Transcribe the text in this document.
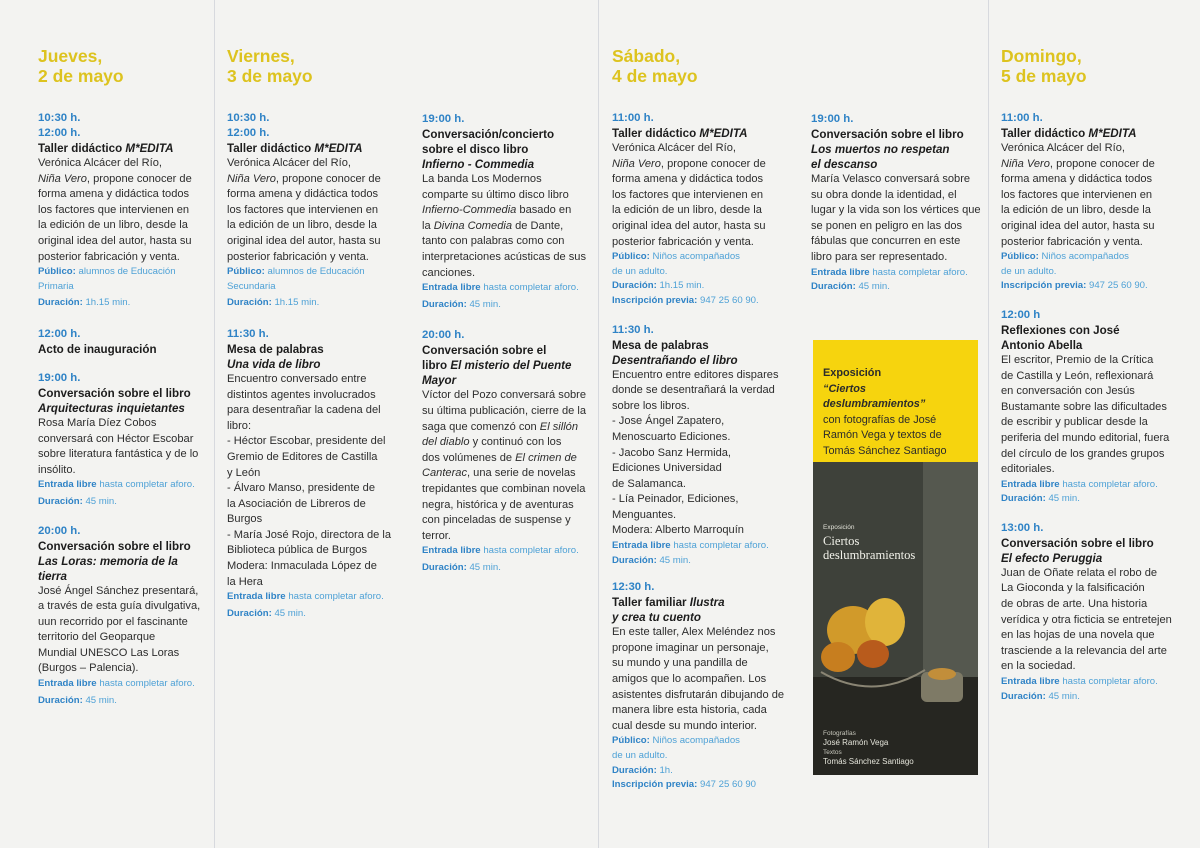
Jueves,
2 de mayo
10:30 h.
12:00 h.
Taller didáctico M*EDITA
Verónica Alcácer del Río,
Niña Vero, propone conocer de
forma amena y didáctica todos
los factores que intervienen en
la edición de un libro, desde la
original idea del autor, hasta su
posterior fabricación y venta.
Público: alumnos de Educación
Primaria
Duración: 1h.15 min.
12:00 h.
Acto de inauguración
19:00 h.
Conversación sobre el libro
Arquitecturas inquietantes
Rosa María Díez Cobos
conversará con Héctor Escobar
sobre literatura fantástica y de lo
insólito.
Entrada libre hasta completar aforo.
Duración: 45 min.
20:00 h.
Conversación sobre el libro
Las Loras: memoria de la
tierra
José Ángel Sánchez presentará,
a través de esta guía divulgativa,
uun recorrido por el fascinante
territorio del Geoparque
Mundial UNESCO Las Loras
(Burgos – Palencia).
Entrada libre hasta completar aforo.
Duración: 45 min.
Viernes,
3 de mayo
10:30 h.
12:00 h.
Taller didáctico M*EDITA
Verónica Alcácer del Río,
Niña Vero, propone conocer de
forma amena y didáctica todos
los factores que intervienen en
la edición de un libro, desde la
original idea del autor, hasta su
posterior fabricación y venta.
Público: alumnos de Educación
Secundaria
Duración: 1h.15 min.
11:30 h.
Mesa de palabras
Una vida de libro
Encuentro conversado entre
distintos agentes involucrados
para desentrañar la cadena del
libro:
- Héctor Escobar, presidente del
Gremio de Editores de Castilla
y León
- Álvaro Manso, presidente de
la Asociación de Libreros de
Burgos
- María José Rojo, directora de la
Biblioteca pública de Burgos
Modera: Inmaculada López de
la Hera
Entrada libre hasta completar aforo.
Duración: 45 min.
19:00 h.
Conversación/concierto
sobre el disco libro
Infierno - Commedia
La banda Los Modernos
comparte su último disco libro
Infierno-Commedia basado en
la Divina Comedia de Dante,
tanto con palabras como con
interpretaciones acústicas de sus
canciones.
Entrada libre hasta completar aforo.
Duración: 45 min.
20:00 h.
Conversación sobre el
libro El misterio del Puente
Mayor
Víctor del Pozo conversará sobre
su última publicación, cierre de la
saga que comenzó con El sillón
del diablo y continuó con los
dos volúmenes de El crimen de
Canterac, una serie de novelas
trepidantes que combinan novela
negra, histórica y de aventuras
con pinceladas de suspense y
terror.
Entrada libre hasta completar aforo.
Duración: 45 min.
Sábado,
4 de mayo
11:00 h.
Taller didáctico M*EDITA
Verónica Alcácer del Río,
Niña Vero, propone conocer de
forma amena y didáctica todos
los factores que intervienen en
la edición de un libro, desde la
original idea del autor, hasta su
posterior fabricación y venta.
Público: Niños acompañados
de un adulto.
Duración: 1h.15 min.
Inscripción previa: 947 25 60 90.
11:30 h.
Mesa de palabras
Desentrañando el libro
Encuentro entre editores dispares
donde se desentrañará la verdad
sobre los libros.
- Jose Ángel Zapatero,
Menoscuarto Ediciones.
- Jacobo Sanz Hermida,
Ediciones Universidad
de Salamanca.
- Lía Peinador, Ediciones,
Menguantes.
Modera: Alberto Marroquín
Entrada libre hasta completar aforo.
Duración: 45 min.
12:30 h.
Taller familiar Ilustra
y crea tu cuento
En este taller, Alex Meléndez nos
propone imaginar un personaje,
su mundo y una pandilla de
amigos que lo acompañen. Los
asistentes disfrutarán dibujando de
manera libre esta historia, cada
cual desde su mundo interior.
Público: Niños acompañados
de un adulto.
Duración: 1h.
Inscripción previa: 947 25 60 90
19:00 h.
Conversación sobre el libro
Los muertos no respetan
el descanso
María Velasco conversará sobre
su obra donde la identidad, el
lugar y la vida son los vértices que
se ponen en peligro en las dos
fábulas que concurren en este
libro para ser representado.
Entrada libre hasta completar aforo.
Duración: 45 min.
Exposición
“Ciertos
deslumbramientos”
con fotografías de José
Ramón Vega y textos de
Tomás Sánchez Santiago
Exposición
Ciertos
deslumbramientos
Fotografías
José Ramón Vega
Textos
Tomás Sánchez Santiago
Domingo,
5 de mayo
11:00 h.
Taller didáctico M*EDITA
Verónica Alcácer del Río,
Niña Vero, propone conocer de
forma amena y didáctica todos
los factores que intervienen en
la edición de un libro, desde la
original idea del autor, hasta su
posterior fabricación y venta.
Público: Niños acompañados
de un adulto.
Inscripción previa: 947 25 60 90.
12:00 h
Reflexiones con José
Antonio Abella
El escritor, Premio de la Crítica
de Castilla y León, reflexionará
en conversación con Jesús
Bustamante sobre las dificultades
de escribir y publicar desde la
periferia del mundo editorial, fuera
del círculo de los grandes grupos
editoriales.
Entrada libre hasta completar aforo.
Duración: 45 min.
13:00 h.
Conversación sobre el libro
El efecto Peruggia
Juan de Oñate relata el robo de
La Gioconda y la falsificación
de obras de arte. Una historia
verídica y otra ficticia se entretejen
en las hojas de una novela que
trasciende a la relevancia del arte
en la sociedad.
Entrada libre hasta completar aforo.
Duración: 45 min.
